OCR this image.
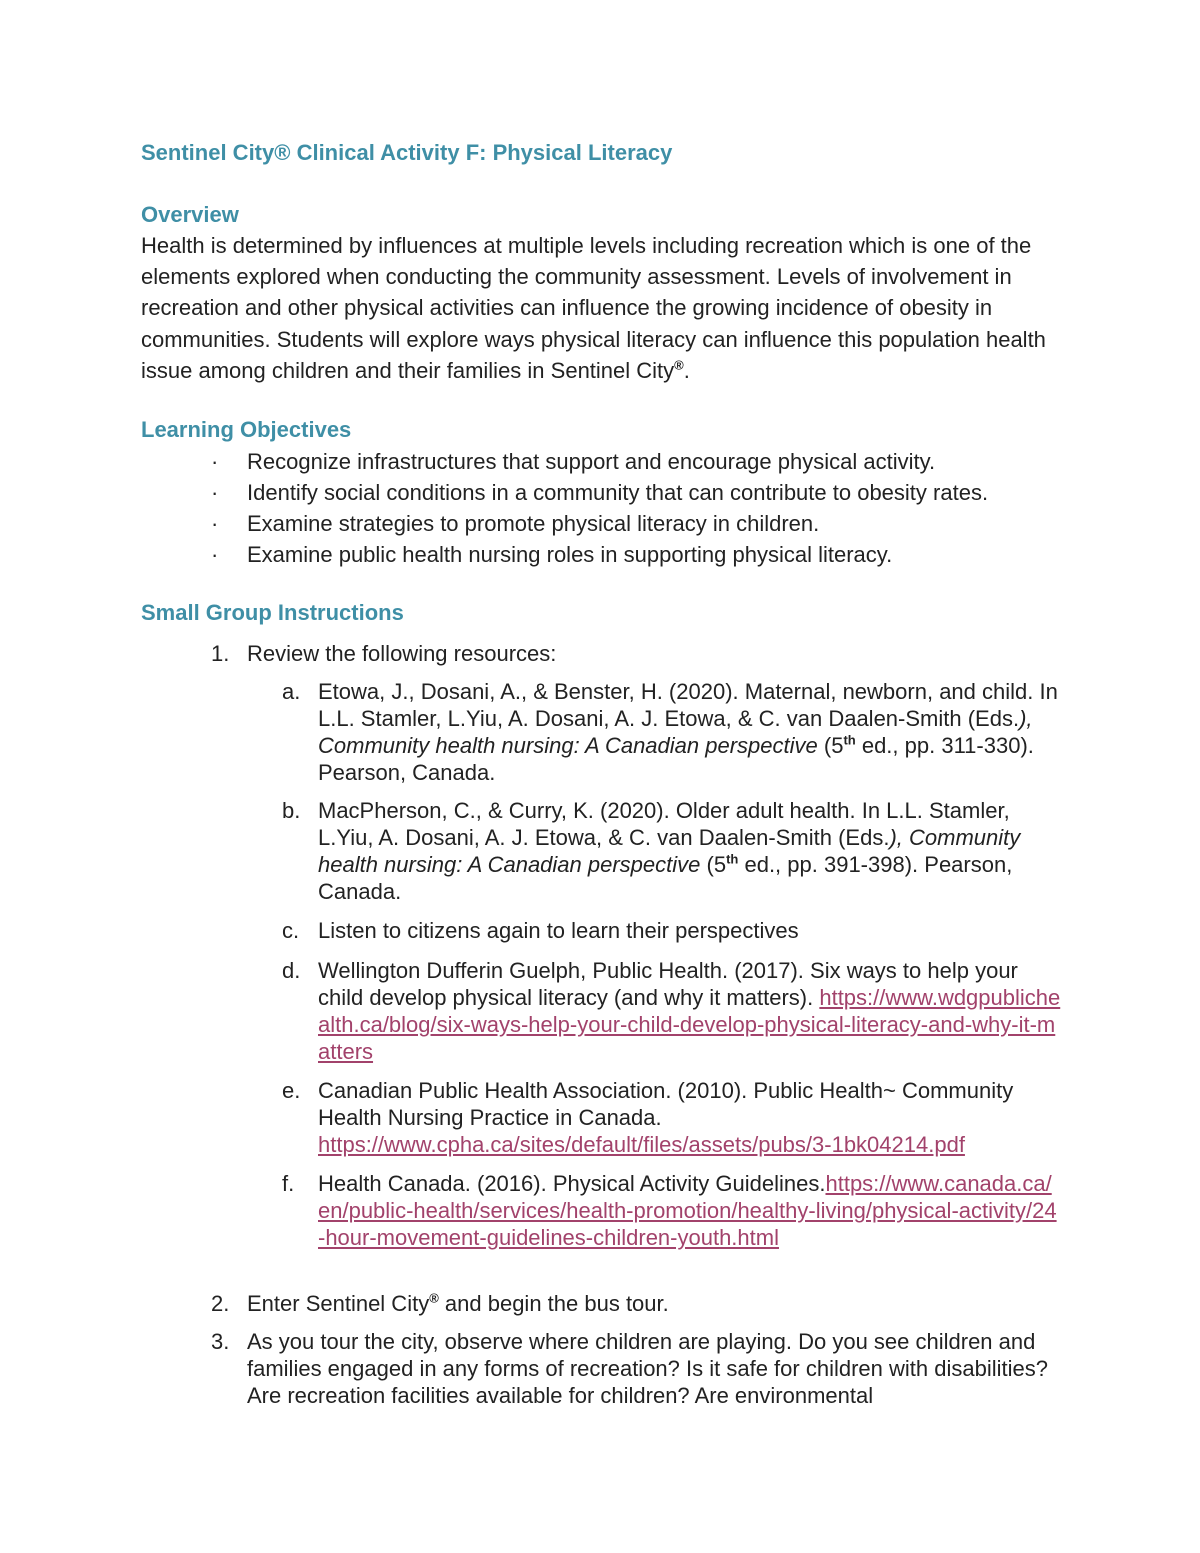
Sentinel City® Clinical Activity F: Physical Literacy
Overview

Health is determined by influences at multiple levels including recreation which is one of the elements explored when conducting the community assessment. Levels of involvement in recreation and other physical activities can influence the growing incidence of obesity in communities. Students will explore ways physical literacy can influence this population health issue among children and their families in Sentinel City®.

Learning Objectives
· Recognize infrastructures that support and encourage physical activity.
· Identify social conditions in a community that can contribute to obesity rates.
· Examine strategies to promote physical literacy in children.
· Examine public health nursing roles in supporting physical literacy.
Small Group Instructions
1. Review the following resources:
a. Etowa, J., Dosani, A., & Benster, H. (2020). Maternal, newborn, and child. In L.L. Stamler, L.Yiu, A. Dosani, A. J. Etowa, & C. van Daalen-Smith (Eds.), Community health nursing: A Canadian perspective (5th ed., pp. 311-330). Pearson, Canada.
b. MacPherson, C., & Curry, K. (2020). Older adult health. In L.L. Stamler, L.Yiu, A. Dosani, A. J. Etowa, & C. van Daalen-Smith (Eds.), Community health nursing: A Canadian perspective (5th ed., pp. 391-398). Pearson, Canada.
c. Listen to citizens again to learn their perspectives
d. Wellington Dufferin Guelph, Public Health. (2017). Six ways to help your child develop physical literacy (and why it matters). https://www.wdgpublichealth.ca/blog/six-ways-help-your-child-develop-physical-literacy-and-why-it-matters
e. Canadian Public Health Association. (2010). Public Health~ Community Health Nursing Practice in Canada. https://www.cpha.ca/sites/default/files/assets/pubs/3-1bk04214.pdf
f. Health Canada. (2016). Physical Activity Guidelines.https://www.canada.ca/en/public-health/services/health-promotion/healthy-living/physical-activity/24-hour-movement-guidelines-children-youth.html
2. Enter Sentinel City® and begin the bus tour.
3. As you tour the city, observe where children are playing. Do you see children and families engaged in any forms of recreation? Is it safe for children with disabilities? Are recreation facilities available for children? Are environmental
